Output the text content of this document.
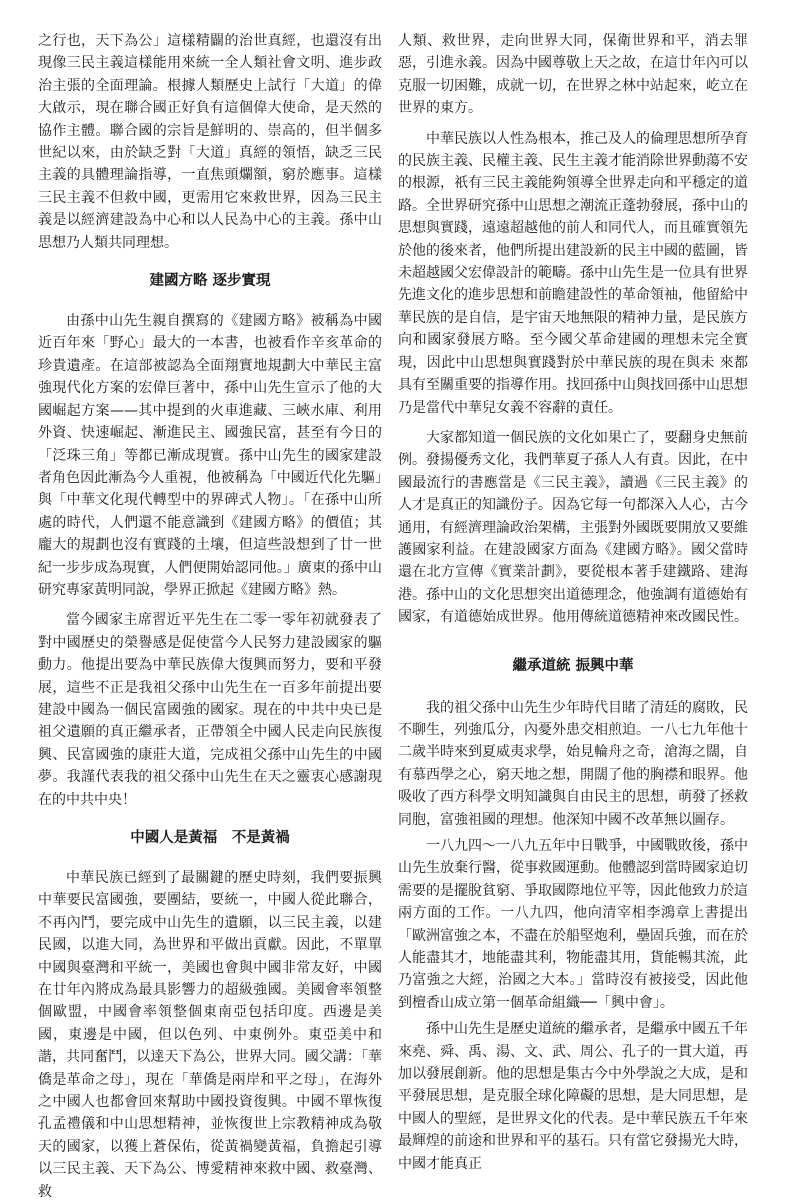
之行也，天下為公」這樣精闢的治世真經，也還沒有出現像三民主義這樣能用來統一全人類社會文明、進步政治主張的全面理論。根據人類歷史上試行「大道」的偉大啟示，現在聯合國正好負有這個偉大使命，是天然的協作主體。聯合國的宗旨是鮮明的、崇高的，但半個多世紀以來，由於缺乏對「大道」真經的領悟，缺乏三民主義的具體理論指導，一直焦頭爛額，窮於應事。這樣三民主義不但救中國，更需用它來救世界，因為三民主義是以經濟建設為中心和以人民為中心的主義。孫中山思想乃人類共同理想。

建國方略 逐步實現

由孫中山先生親自撰寫的《建國方略》被稱為中國近百年來「野心」最大的一本書，也被看作辛亥革命的珍貴遺產。在這部被認為全面翔實地規劃大中華民主富強現代化方案的宏偉巨著中，孫中山先生宣示了他的大國崛起方案——其中提到的火車進藏、三峽水庫、利用外資、快速崛起、漸進民主、國強民富，甚至有今日的「泛珠三角」等都已漸成現實。孫中山先生的國家建設者角色因此漸為今人重視，他被稱為「中國近代化先驅」與「中華文化現代轉型中的界碑式人物」。「在孫中山所處的時代，人們還不能意識到《建國方略》的價值；其龐大的規劃也沒有實踐的土壤，但這些設想到了廿一世紀一步步成為現實，人們便開始認同他。」廣東的孫中山研究專家黃明同說，學界正掀起《建國方略》熱。

當今國家主席習近平先生在二零一零年初就發表了對中國歷史的榮譽感是促使當今人民努力建設國家的驅動力。他提出要為中華民族偉大復興而努力，要和平發展，這些不正是我祖父孫中山先生在一百多年前提出要建設中國為一個民富國強的國家。現在的中共中央已是祖父遺願的真正繼承者，正帶領全中國人民走向民族復興、民富國強的康莊大道，完成祖父孫中山先生的中國夢。我謹代表我的祖父孫中山先生在天之靈衷心感謝現在的中共中央！

中國人是黃福　不是黃禍

中華民族已經到了最關鍵的歷史時刻，我們要振興中華要民富國強，要團結，要統一，中國人從此聯合，不再內鬥，要完成中山先生的遺願，以三民主義，以建民國，以進大同，為世界和平做出貢獻。因此，不單單中國與臺灣和平統一，美國也會與中國非常友好，中國在廿年內將成為最具影響力的超級強國。美國會率領整個歐盟，中國會率領整個東南亞包括印度。西邊是美國，東邊是中國，但以色列、中東例外。東亞美中和諧，共同奮鬥，以達天下為公，世界大同。國父講：「華僑是革命之母」，現在「華僑是兩岸和平之母」，在海外之中國人也都會回來幫助中國投資復興。中國不單恢復孔孟禮儀和中山思想精神，並恢復世上宗教精神成為敬天的國家，以獲上蒼保佑，從黃禍變黃福，負擔起引導以三民主義、天下為公、博愛精神來救中國、救臺灣、救

人類、救世界，走向世界大同，保衛世界和平，消去罪惡，引進永義。因為中國尊敬上天之故，在這廿年內可以克服一切困難，成就一切，在世界之林中站起來，屹立在世界的東方。

中華民族以人性為根本，推己及人的倫理思想所孕育的民族主義、民權主義、民生主義才能消除世界動蕩不安的根源，祇有三民主義能夠領導全世界走向和平穩定的道路。全世界研究孫中山思想之潮流正蓬勃發展，孫中山的思想與實踐，遠遠超越他的前人和同代人，而且確實領先於他的後來者，他們所提出建設新的民主中國的藍圖，皆未超越國父宏偉設計的範疇。孫中山先生是一位具有世界先進文化的進步思想和前瞻建設性的革命領袖，他留給中華民族的是自信，是宇宙天地無限的精神力量，是民族方向和國家發展方略。至今國父革命建國的理想未完全實現，因此中山思想與實踐對於中華民族的現在與未 來都具有至關重要的指導作用。找回孫中山與找回孫中山思想乃是當代中華兒女義不容辭的責任。

大家都知道一個民族的文化如果亡了，要翻身史無前例。發揚優秀文化，我們華夏子孫人人有責。因此，在中國最流行的書應當是《三民主義》，讀過《三民主義》的人才是真正的知識份子。因為它每一句都深入人心，古今通用，有經濟理論政治架構，主張對外國既要開放又要維護國家利益。在建設國家方面為《建國方略》。國父當時還在北方宣傳《實業計劃》，要從根本著手建鐵路、建海港。孫中山的文化思想突出道德理念，他強調有道德始有國家，有道德始成世界。他用傳統道德精神來改國民性。

繼承道統 振興中華

我的祖父孫中山先生少年時代目睹了清廷的腐敗，民不聊生，列強瓜分，內憂外患交相煎迫。一八七九年他十二歲半時來到夏威夷求學，始見輪舟之奇，滄海之闊，自有慕西學之心，窮天地之想，開闊了他的胸襟和眼界。他吸收了西方科學文明知識與自由民主的思想，萌發了拯救同胞，富強祖國的理想。他深知中國不改革無以圖存。

一八九四～一八九五年中日戰爭，中國戰敗後，孫中山先生放棄行醫，從事救國運動。他體認到當時國家迫切需要的是擺脫貧窮、爭取國際地位平等，因此他致力於這兩方面的工作。一八九四，他向清宰相李鴻章上書提出「歐洲富強之本，不盡在於船堅炮利，壘固兵強，而在於人能盡其才，地能盡其利，物能盡其用，貨能暢其流，此乃富強之大經，治國之大本。」當時沒有被接受，因此他到檀香山成立第一個革命組織──「興中會」。

孫中山先生是歷史道統的繼承者，是繼承中國五千年來堯、舜、禹、湯、文、武、周公、孔子的一貫大道，再加以發展創新。他的思想是集古今中外學說之大成，是和平發展思想，是克服全球化障礙的思想，是大同思想，是中國人的聖經，是世界文化的代表。是中華民族五千年來最輝煌的前途和世界和平的基石。只有當它發揚光大時，中國才能真正
